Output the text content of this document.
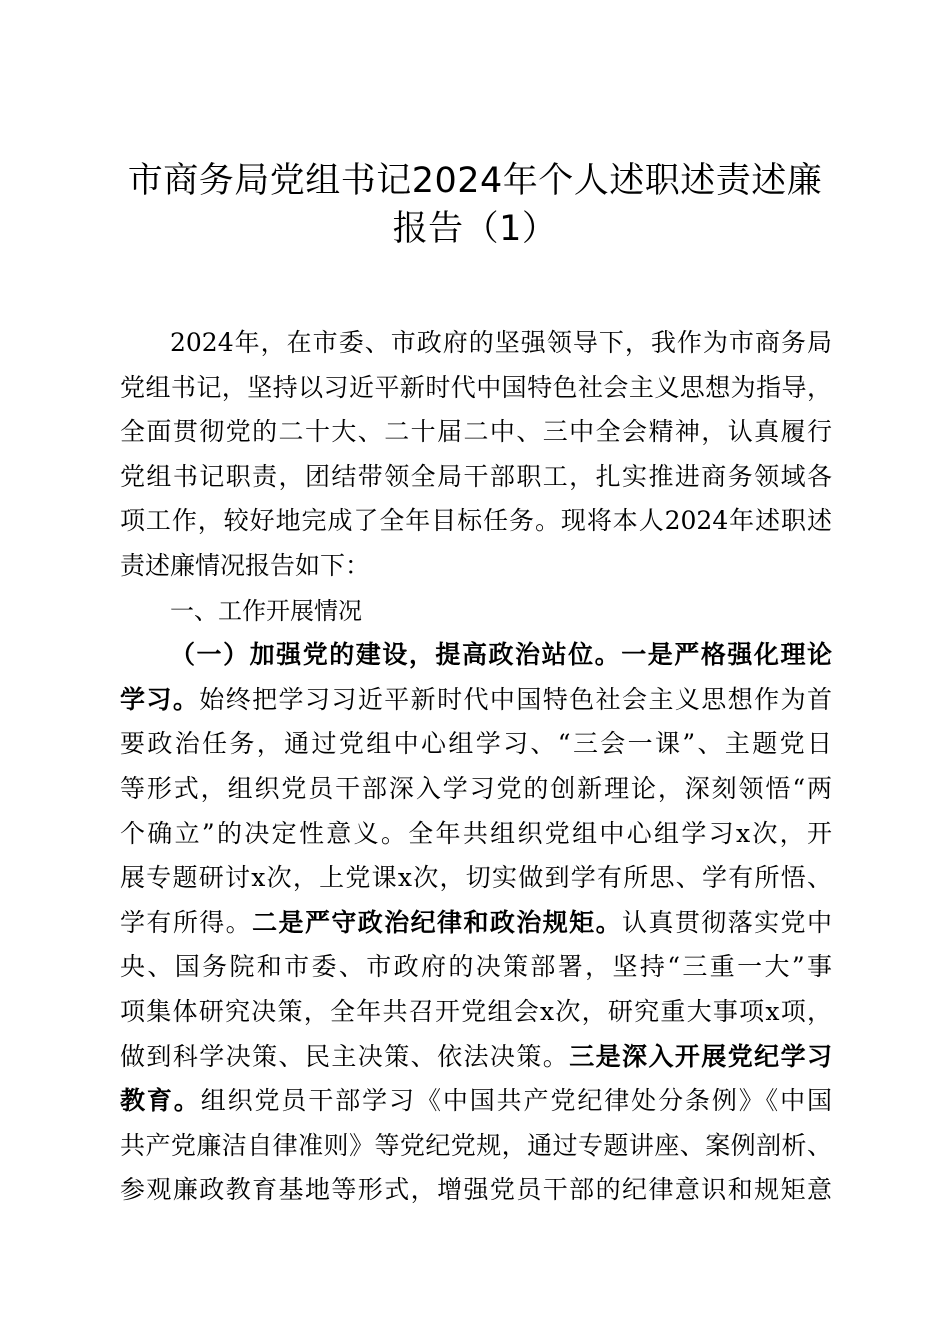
市商务局党组书记2024年个人述职述责述廉
报告（1）
2024年，在市委、市政府的坚强领导下，我作为市商务局
党组书记，坚持以习近平新时代中国特色社会主义思想为指导，
全面贯彻党的二十大、二十届二中、三中全会精神，认真履行
党组书记职责，团结带领全局干部职工，扎实推进商务领域各
项工作，较好地完成了全年目标任务。现将本人2024年述职述
责述廉情况报告如下：
一、工作开展情况
（一）加强党的建设，提高政治站位。一是严格强化理论
学习。始终把学习习近平新时代中国特色社会主义思想作为首
要政治任务，通过党组中心组学习、“三会一课”、主题党日
等形式，组织党员干部深入学习党的创新理论，深刻领悟“两
个确立”的决定性意义。全年共组织党组中心组学习x次，开
展专题研讨x次，上党课x次，切实做到学有所思、学有所悟、
学有所得。二是严守政治纪律和政治规矩。认真贯彻落实党中
央、国务院和市委、市政府的决策部署，坚持“三重一大”事
项集体研究决策，全年共召开党组会x次，研究重大事项x项，
做到科学决策、民主决策、依法决策。三是深入开展党纪学习
教育。组织党员干部学习《中国共产党纪律处分条例》《中国
共产党廉洁自律准则》等党纪党规，通过专题讲座、案例剖析、
参观廉政教育基地等形式，增强党员干部的纪律意识和规矩意
